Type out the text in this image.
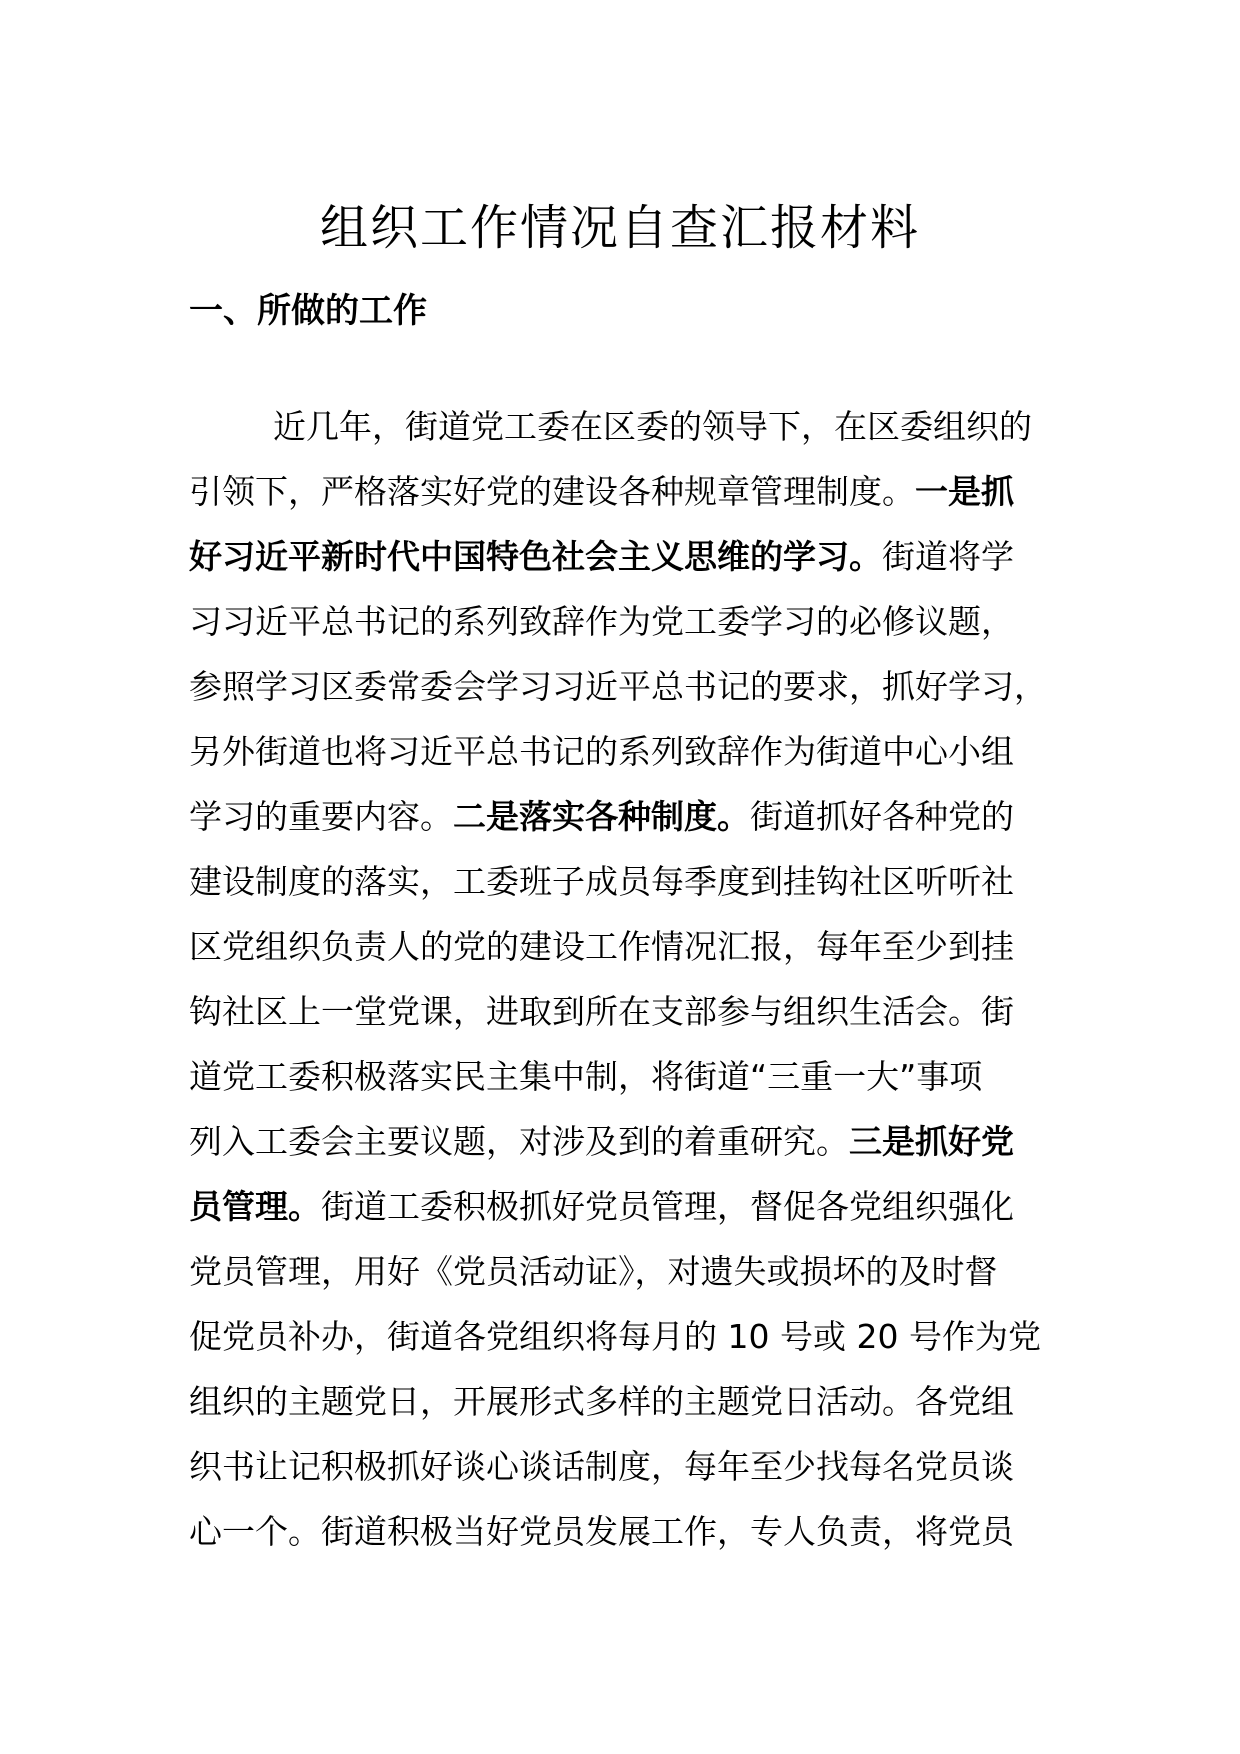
组织工作情况自查汇报材料
一、所做的工作
近几年，街道党工委在区委的领导下，在区委组织的
引领下，严格落实好党的建设各种规章管理制度。一是抓
好习近平新时代中国特色社会主义思维的学习。街道将学
习习近平总书记的系列致辞作为党工委学习的必修议题，
参照学习区委常委会学习习近平总书记的要求，抓好学习，
另外街道也将习近平总书记的系列致辞作为街道中心小组
学习的重要内容。二是落实各种制度。街道抓好各种党的
建设制度的落实，工委班子成员每季度到挂钩社区听听社
区党组织负责人的党的建设工作情况汇报，每年至少到挂
钩社区上一堂党课，进取到所在支部参与组织生活会。街
道党工委积极落实民主集中制，将街道“三重一大”事项
列入工委会主要议题，对涉及到的着重研究。三是抓好党
员管理。街道工委积极抓好党员管理，督促各党组织强化
党员管理，用好《党员活动证》，对遗失或损坏的及时督
促党员补办，街道各党组织将每月的 10 号或 20 号作为党
组织的主题党日，开展形式多样的主题党日活动。各党组
织书让记积极抓好谈心谈话制度，每年至少找每名党员谈
心一个。街道积极当好党员发展工作，专人负责，将党员
